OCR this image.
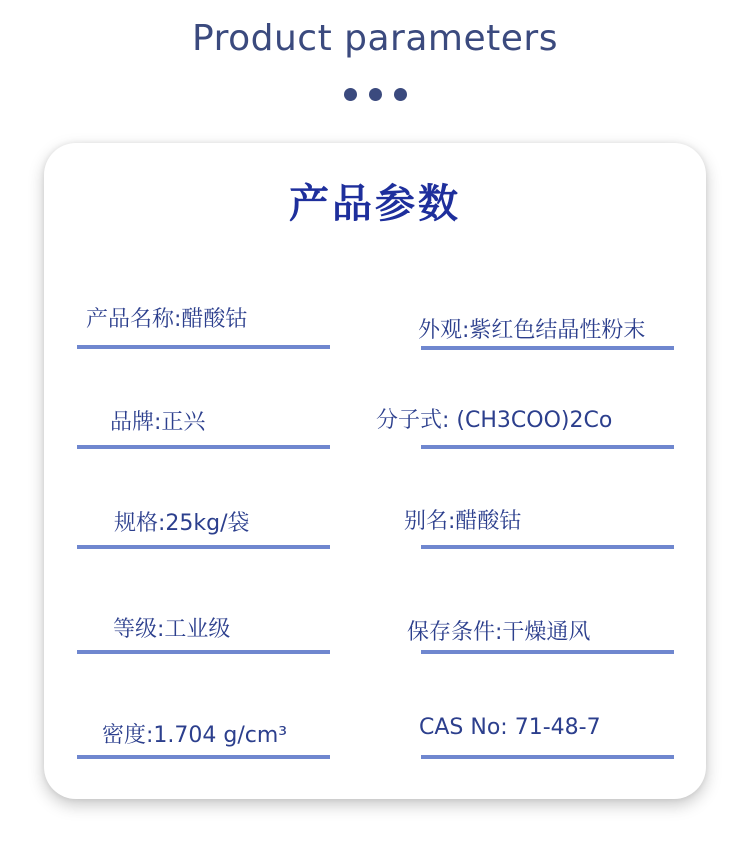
Product parameters
产品参数
产品名称:醋酸钴	外观:紫红色结晶性粉末
品牌:正兴	分子式: (CH3COO)2Co
规格:25kg/袋	别名:醋酸钴
等级:工业级	保存条件:干燥通风
密度:1.704 g/cm³	CAS No: 71-48-7
